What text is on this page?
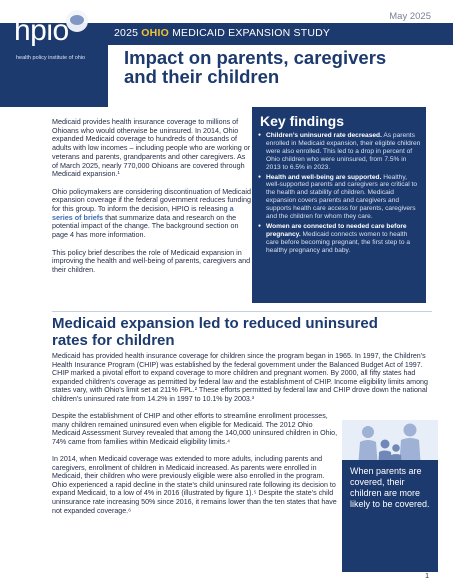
May 2025
hpio
health policy institute of ohio
2025 OHIO MEDICAID EXPANSION STUDY
Impact on parents, caregivers and their children

Medicaid provides health insurance coverage to millions of Ohioans who would otherwise be uninsured. In 2014, Ohio expanded Medicaid coverage to hundreds of thousands of adults with low incomes – including people who are working or veterans and parents, grandparents and other caregivers. As of March 2025, nearly 770,000 Ohioans are covered through Medicaid expansion.¹

Ohio policymakers are considering discontinuation of Medicaid expansion coverage if the federal government reduces funding for this group. To inform the decision, HPIO is releasing a series of briefs that summarize data and research on the potential impact of the change. The background section on page 4 has more information.

This policy brief describes the role of Medicaid expansion in improving the health and well-being of parents, caregivers and their children.

Key findings
● Children’s uninsured rate decreased. As parents enrolled in Medicaid expansion, their eligible children were also enrolled. This led to a drop in percent of Ohio children who were uninsured, from 7.5% in 2013 to 6.5% in 2023.
● Health and well-being are supported. Healthy, well-supported parents and caregivers are critical to the health and stability of children. Medicaid expansion covers parents and caregivers and supports health care access for parents, caregivers and the children for whom they care.
● Women are connected to needed care before pregnancy. Medicaid connects women to health care before becoming pregnant, the first step to a healthy pregnancy and baby.
Medicaid expansion led to reduced uninsured rates for children

Medicaid has provided health insurance coverage for children since the program began in 1965. In 1997, the Children’s Health Insurance Program (CHIP) was established by the federal government under the Balanced Budget Act of 1997. CHIP marked a pivotal effort to expand coverage to more children and pregnant women. By 2000, all fifty states had expanded children’s coverage as permitted by federal law and the establishment of CHIP. Income eligibility limits among states vary, with Ohio’s limit set at 211% FPL.² These efforts permitted by federal law and CHIP drove down the national children’s uninsured rate from 14.2% in 1997 to 10.1% by 2003.³

Despite the establishment of CHIP and other efforts to streamline enrollment processes, many children remained uninsured even when eligible for Medicaid. The 2012 Ohio Medicaid Assessment Survey revealed that among the 140,000 uninsured children in Ohio, 74% came from families within Medicaid eligibility limits.⁴

In 2014, when Medicaid coverage was extended to more adults, including parents and caregivers, enrollment of children in Medicaid increased. As parents were enrolled in Medicaid, their children who were previously eligible were also enrolled in the program. Ohio experienced a rapid decline in the state’s child uninsured rate following its decision to expand Medicaid, to a low of 4% in 2016 (illustrated by figure 1).⁵ Despite the state’s child uninsurance rate increasing 50% since 2016, it remains lower than the ten states that have not expanded coverage.⁶

When parents are covered, their children are more likely to be covered.
1
